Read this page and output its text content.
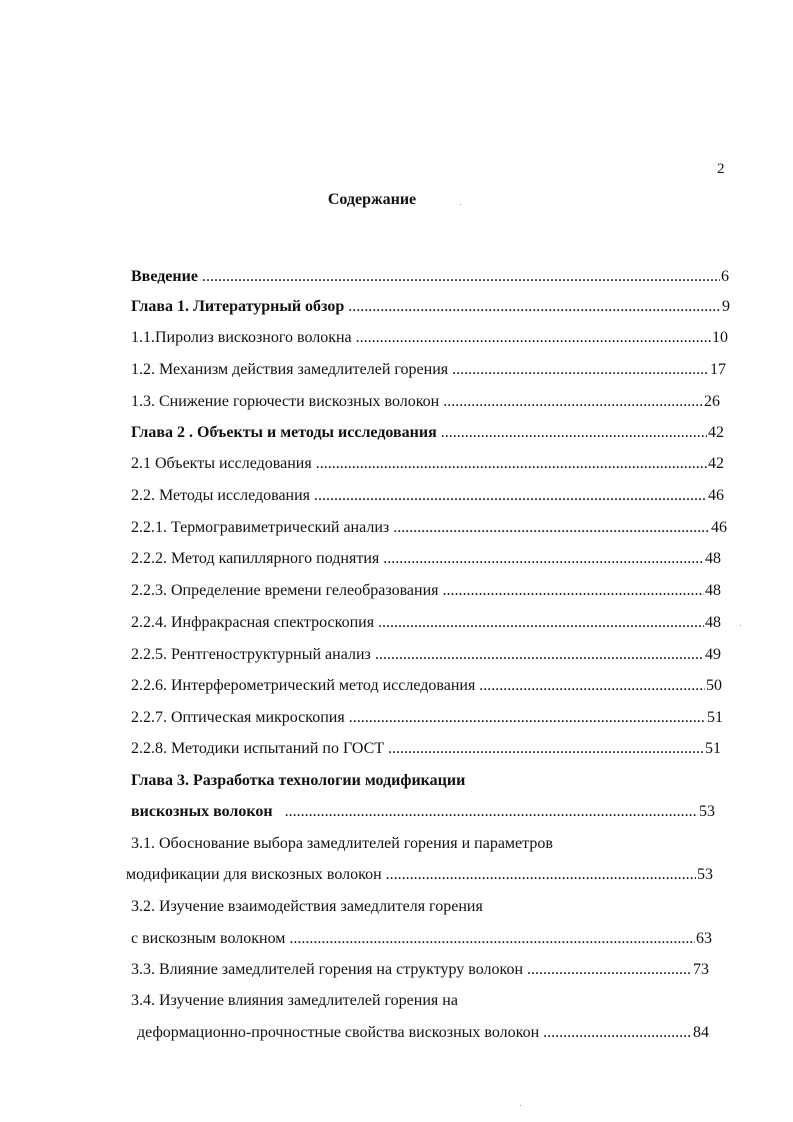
2
Содержание
Введение .....	6
Глава 1. Литературный обзор .....	9
1.1.Пиролиз вискозного волокна .....	10
1.2. Механизм действия замедлителей горения .....	17
1.3. Снижение горючести вискозных волокон .....	26
Глава 2 . Объекты и методы исследования .....	42
2.1 Объекты исследования .....	42
2.2. Методы исследования .....	46
2.2.1. Термогравиметрический анализ .....	46
2.2.2. Метод капиллярного поднятия .....	48
2.2.3. Определение времени гелеобразования .....	48
2.2.4. Инфракрасная спектроскопия .....	48
2.2.5. Рентгеноструктурный анализ .....	49
2.2.6. Интерферометрический метод исследования .....	50
2.2.7. Оптическая микроскопия .....	51
2.2.8. Методики испытаний по ГОСТ .....	51
Глава 3. Разработка технологии модификации
вискозных волокон   .....	53
3.1. Обоснование выбора замедлителей горения и параметров
модификации для вискозных волокон .....	53
3.2. Изучение взаимодействия замедлителя горения
с вискозным волокном .....	63
3.3. Влияние замедлителей горения на структуру волокон .....	73
3.4. Изучение влияния замедлителей горения на
деформационно-прочностные свойства вискозных волокон .....	84
